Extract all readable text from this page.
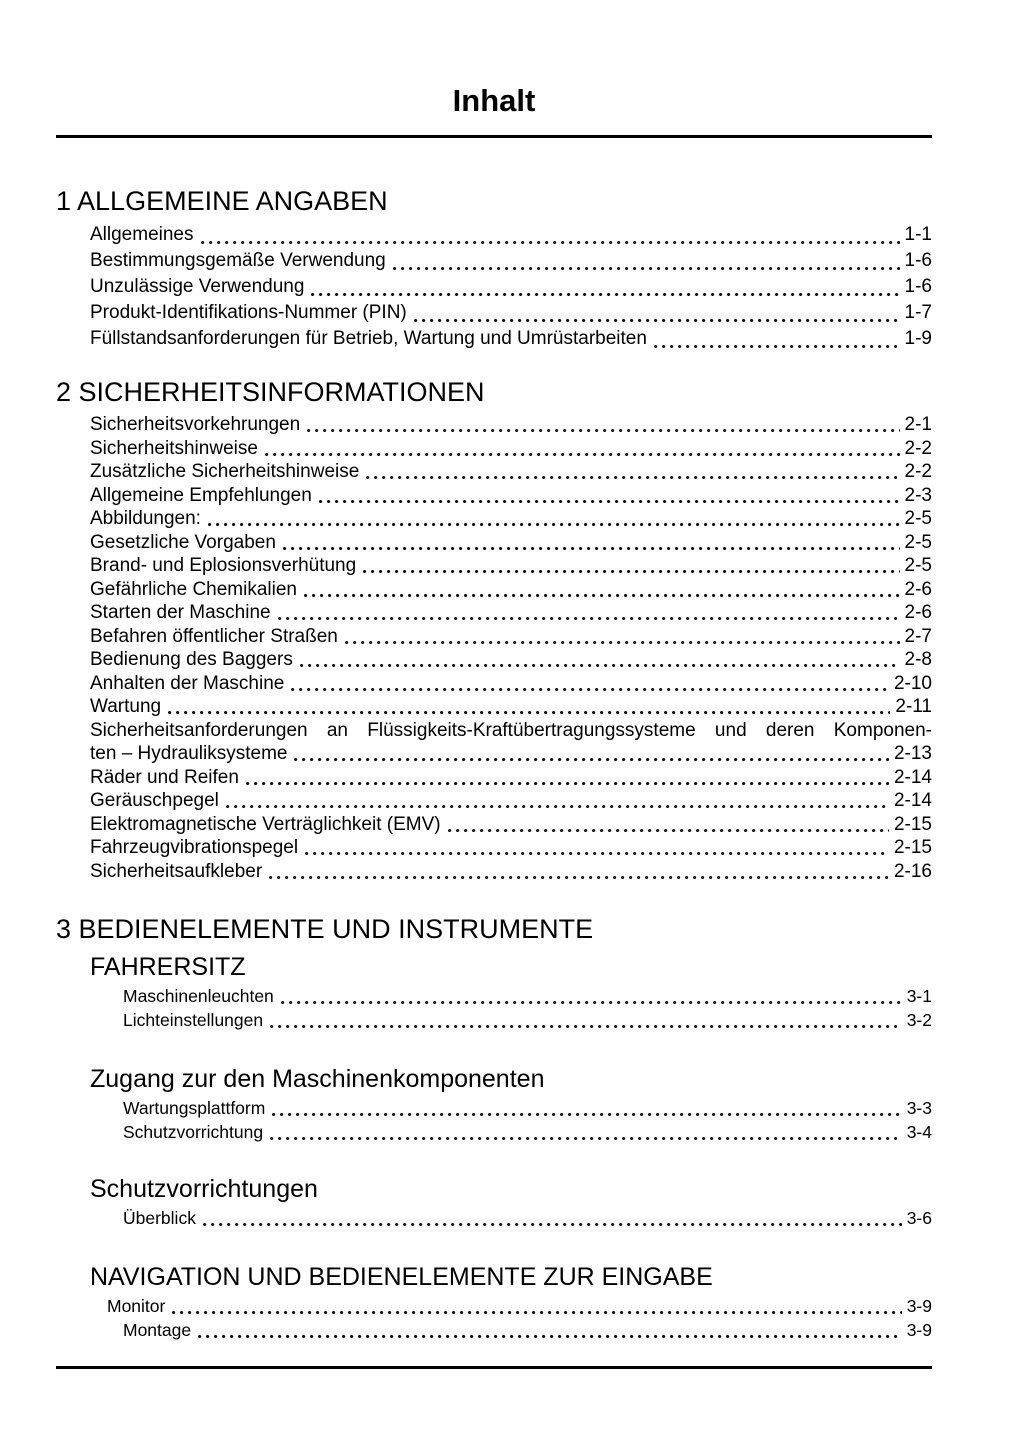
Inhalt
1 ALLGEMEINE ANGABEN
Allgemeines	1-1
Bestimmungsgemäße Verwendung	1-6
Unzulässige Verwendung	1-6
Produkt-Identifikations-Nummer (PIN)	1-7
Füllstandsanforderungen für Betrieb, Wartung und Umrüstarbeiten	1-9
2 SICHERHEITSINFORMATIONEN
Sicherheitsvorkehrungen	2-1
Sicherheitshinweise	2-2
Zusätzliche Sicherheitshinweise	2-2
Allgemeine Empfehlungen	2-3
Abbildungen:	2-5
Gesetzliche Vorgaben	2-5
Brand- und Eplosionsverhütung	2-5
Gefährliche Chemikalien	2-6
Starten der Maschine	2-6
Befahren öffentlicher Straßen	2-7
Bedienung des Baggers	2-8
Anhalten der Maschine	2-10
Wartung	2-11
Sicherheitsanforderungen an Flüssigkeits-Kraftübertragungssysteme und deren Komponen-
ten – Hydrauliksysteme	2-13
Räder und Reifen	2-14
Geräuschpegel	2-14
Elektromagnetische Verträglichkeit (EMV)	2-15
Fahrzeugvibrationspegel	2-15
Sicherheitsaufkleber	2-16
3 BEDIENELEMENTE UND INSTRUMENTE
FAHRERSITZ
Maschinenleuchten	3-1
Lichteinstellungen	3-2
Zugang zur den Maschinenkomponenten
Wartungsplattform	3-3
Schutzvorrichtung	3-4
Schutzvorrichtungen
Überblick	3-6
NAVIGATION UND BEDIENELEMENTE ZUR EINGABE
Monitor	3-9
Montage	3-9
